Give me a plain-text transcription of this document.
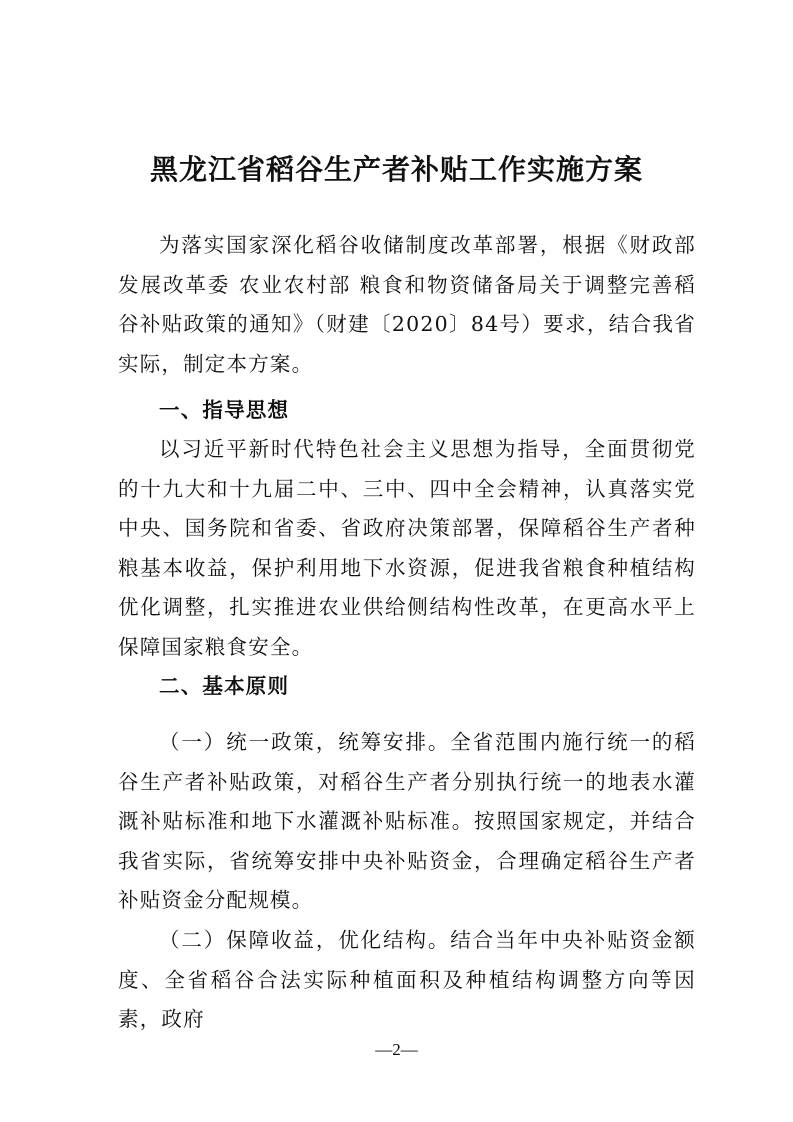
黑龙江省稻谷生产者补贴工作实施方案

为落实国家深化稻谷收储制度改革部署，根据《财政部 发展改革委 农业农村部 粮食和物资储备局关于调整完善稻谷补贴政策的通知》（财建〔2020〕84号）要求，结合我省实际，制定本方案。

一、指导思想

以习近平新时代特色社会主义思想为指导，全面贯彻党的十九大和十九届二中、三中、四中全会精神，认真落实党中央、国务院和省委、省政府决策部署，保障稻谷生产者种粮基本收益，保护利用地下水资源，促进我省粮食种植结构优化调整，扎实推进农业供给侧结构性改革，在更高水平上保障国家粮食安全。

二、基本原则

（一）统一政策，统筹安排。全省范围内施行统一的稻谷生产者补贴政策，对稻谷生产者分别执行统一的地表水灌溉补贴标准和地下水灌溉补贴标准。按照国家规定，并结合我省实际，省统筹安排中央补贴资金，合理确定稻谷生产者补贴资金分配规模。

（二）保障收益，优化结构。结合当年中央补贴资金额度、全省稻谷合法实际种植面积及种植结构调整方向等因素，政府

—2—
